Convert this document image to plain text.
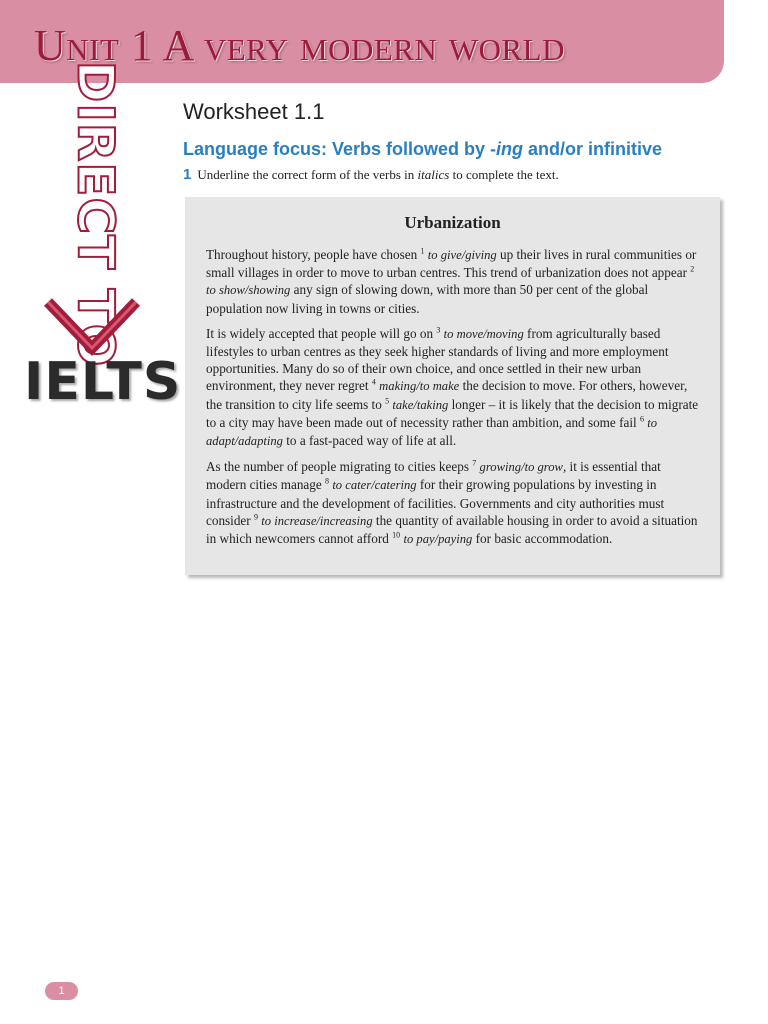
Unit 1 A very modern world
DIRECT TO

IELTS

Worksheet 1.1
Language focus: Verbs followed by -ing and/or infinitive

1 Underline the correct form of the verbs in italics to complete the text.

Urbanization

Throughout history, people have chosen $^1$ to give/giving up their lives in rural communities or small villages in order to move to urban centres. This trend of urbanization does not appear $^2$ to show/showing any sign of slowing down, with more than 50 per cent of the global population now living in towns or cities.

It is widely accepted that people will go on $^3$ to move/moving from agriculturally based lifestyles to urban centres as they seek higher standards of living and more employment opportunities. Many do so of their own choice, and once settled in their new urban environment, they never regret $^4$ making/to make the decision to move. For others, however, the transition to city life seems to $^5$ take/taking longer – it is likely that the decision to migrate to a city may have been made out of necessity rather than ambition, and some fail $^6$ to adapt/adapting to a fast-paced way of life at all.

As the number of people migrating to cities keeps $^7$ growing/to grow, it is essential that modern cities manage $^8$ to cater/catering for their growing populations by investing in infrastructure and the development of facilities. Governments and city authorities must consider $^9$ to increase/increasing the quantity of available housing in order to avoid a situation in which newcomers cannot afford $^{10}$ to pay/paying for basic accommodation.

1
